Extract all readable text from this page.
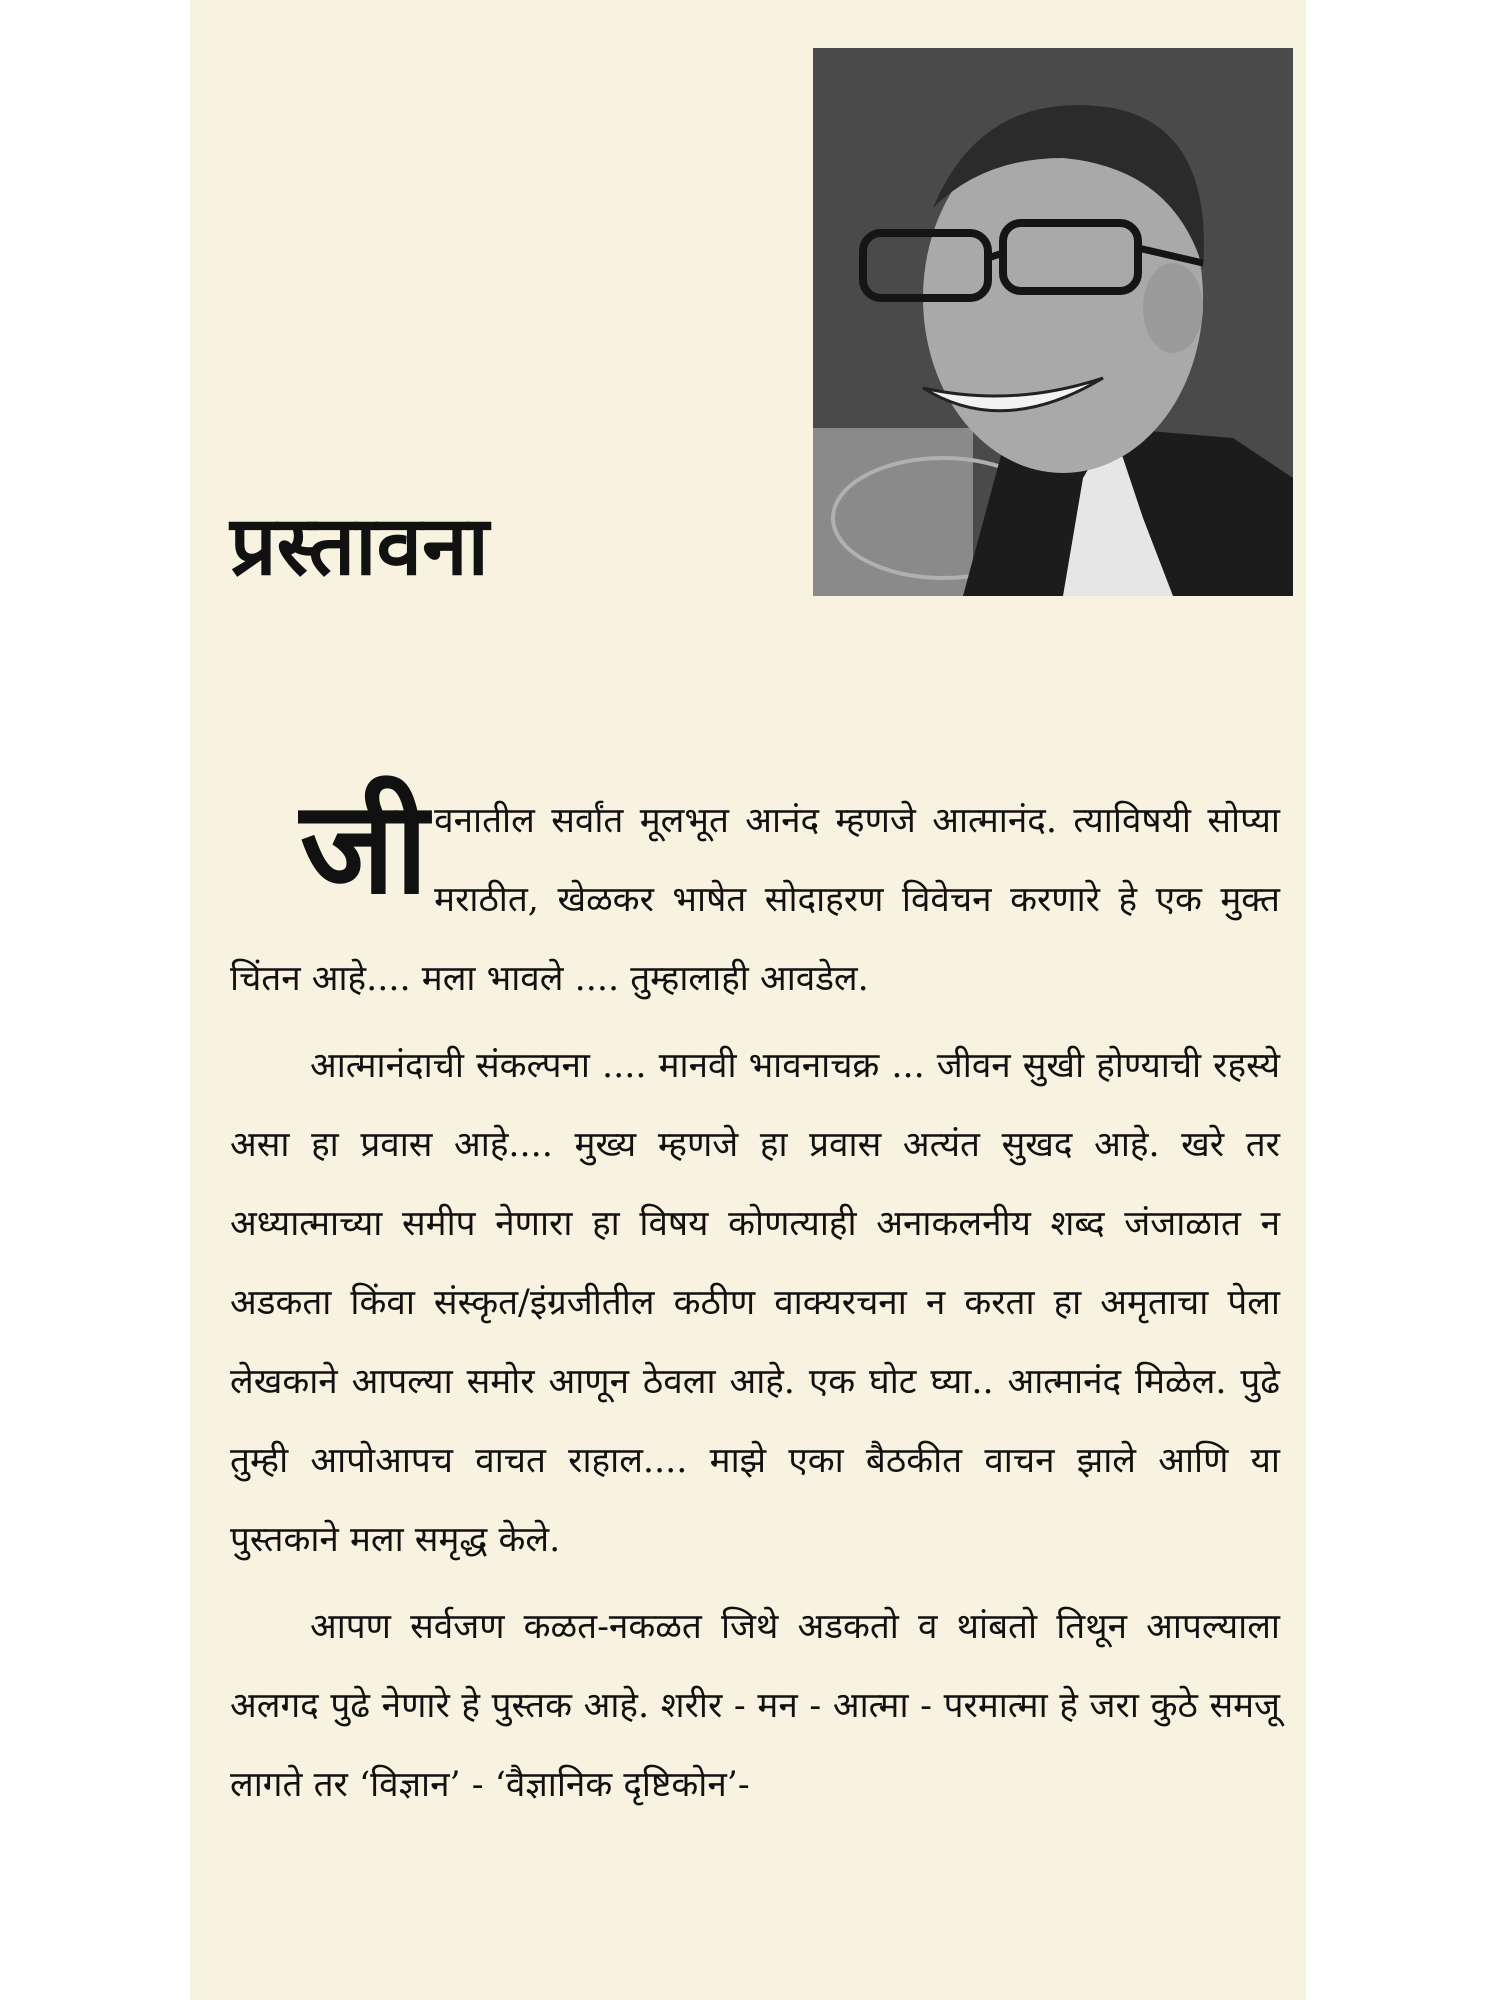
प्रस्तावना

जीवनातील सर्वांत मूलभूत आनंद म्हणजे आत्मानंद. त्याविषयी सोप्या मराठीत, खेळकर भाषेत सोदाहरण विवेचन करणारे हे एक मुक्त चिंतन आहे.... मला भावले .... तुम्हालाही आवडेल.

आत्मानंदाची संकल्पना .... मानवी भावनाचक्र ... जीवन सुखी होण्याची रहस्ये असा हा प्रवास आहे.... मुख्य म्हणजे हा प्रवास अत्यंत सुखद आहे. खरे तर अध्यात्माच्या समीप नेणारा हा विषय कोणत्याही अनाकलनीय शब्द जंजाळात न अडकता किंवा संस्कृत/इंग्रजीतील कठीण वाक्यरचना न करता हा अमृताचा पेला लेखकाने आपल्या समोर आणून ठेवला आहे. एक घोट घ्या.. आत्मानंद मिळेल. पुढे तुम्ही आपोआपच वाचत राहाल.... माझे एका बैठकीत वाचन झाले आणि या पुस्तकाने मला समृद्ध केले.

आपण सर्वजण कळत-नकळत जिथे अडकतो व थांबतो तिथून आपल्याला अलगद पुढे नेणारे हे पुस्तक आहे. शरीर - मन - आत्मा - परमात्मा हे जरा कुठे समजू लागते तर ‘विज्ञान’ - ‘वैज्ञानिक दृष्टिकोन’-
